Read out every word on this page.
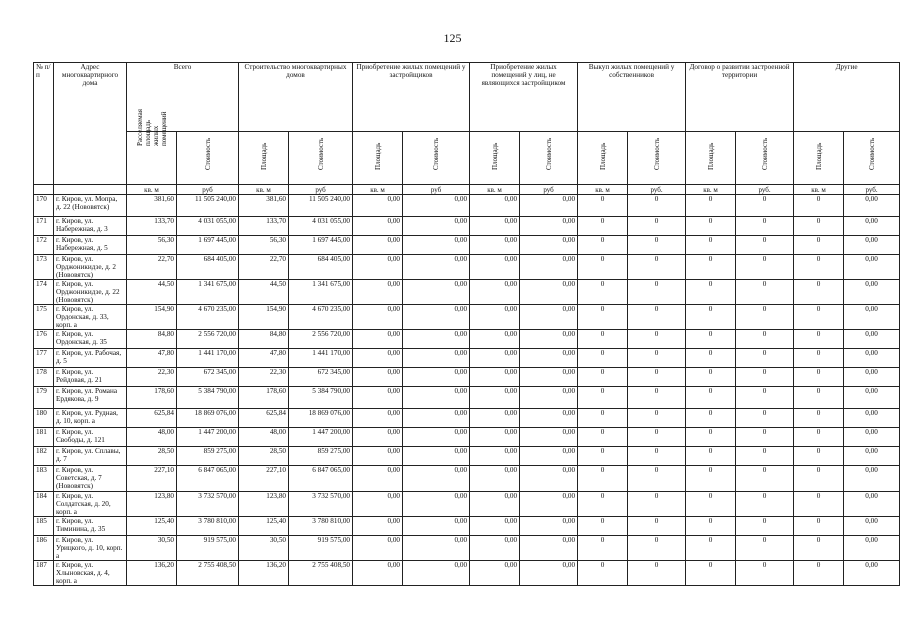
125
№ п/п	Адрес многоквартирного дома	Всего		Строительство многоквартирных домов		Приобретение жилых помещений у застройщиков		Приобретение жилых помещений у лиц, не являющихся застройщиком		Выкуп жилых помещений у собственников		Договор о развитии застроенной территории		Другие	

		Расселяемая площадь жилых помещений	Стоимость	Площадь	Стоимость	Площадь	Стоимость	Площадь	Стоимость	Площадь	Стоимость	Площадь	Стоимость	Площадь	Стоимость

		кв. м	руб	кв. м	руб	кв. м	руб	кв. м	руб	кв. м	руб.	кв. м	руб.	кв. м	руб.
170	г. Киров, ул. Мопра, д. 22 (Нововятск)	381,60	11 505 240,00	381,60	11 505 240,00	0,00	0,00	0,00	0,00	0	0	0	0	0	0,00
171	г. Киров, ул. Набережная, д. 3	133,70	4 031 055,00	133,70	4 031 055,00	0,00	0,00	0,00	0,00	0	0	0	0	0	0,00
172	г. Киров, ул. Набережная, д. 5	56,30	1 697 445,00	56,30	1 697 445,00	0,00	0,00	0,00	0,00	0	0	0	0	0	0,00
173	г. Киров, ул. Орджоникидзе, д. 2 (Нововятск)	22,70	684 405,00	22,70	684 405,00	0,00	0,00	0,00	0,00	0	0	0	0	0	0,00
174	г. Киров, ул. Орджоникидзе, д. 22 (Нововятск)	44,50	1 341 675,00	44,50	1 341 675,00	0,00	0,00	0,00	0,00	0	0	0	0	0	0,00
175	г. Киров, ул. Ордонская, д. 33, корп. а	154,90	4 670 235,00	154,90	4 670 235,00	0,00	0,00	0,00	0,00	0	0	0	0	0	0,00
176	г. Киров, ул. Ордонская, д. 35	84,80	2 556 720,00	84,80	2 556 720,00	0,00	0,00	0,00	0,00	0	0	0	0	0	0,00
177	г. Киров, ул. Рабочая, д. 5	47,80	1 441 170,00	47,80	1 441 170,00	0,00	0,00	0,00	0,00	0	0	0	0	0	0,00
178	г. Киров, ул. Рейдовая, д. 21	22,30	672 345,00	22,30	672 345,00	0,00	0,00	0,00	0,00	0	0	0	0	0	0,00
179	г. Киров, ул. Романа Ердякова, д. 9	178,60	5 384 790,00	178,60	5 384 790,00	0,00	0,00	0,00	0,00	0	0	0	0	0	0,00
180	г. Киров, ул. Рудная, д. 10, корп. а	625,84	18 869 076,00	625,84	18 869 076,00	0,00	0,00	0,00	0,00	0	0	0	0	0	0,00
181	г. Киров, ул. Свободы, д. 121	48,00	1 447 200,00	48,00	1 447 200,00	0,00	0,00	0,00	0,00	0	0	0	0	0	0,00
182	г. Киров, ул. Сплавы, д. 7	28,50	859 275,00	28,50	859 275,00	0,00	0,00	0,00	0,00	0	0	0	0	0	0,00
183	г. Киров, ул. Советская, д. 7 (Нововятск)	227,10	6 847 065,00	227,10	6 847 065,00	0,00	0,00	0,00	0,00	0	0	0	0	0	0,00
184	г. Киров, ул. Солдатская, д. 20, корп. а	123,80	3 732 570,00	123,80	3 732 570,00	0,00	0,00	0,00	0,00	0	0	0	0	0	0,00
185	г. Киров, ул. Тиминина, д. 35	125,40	3 780 810,00	125,40	3 780 810,00	0,00	0,00	0,00	0,00	0	0	0	0	0	0,00
186	г. Киров, ул. Урицкого, д. 10, корп. а	30,50	919 575,00	30,50	919 575,00	0,00	0,00	0,00	0,00	0	0	0	0	0	0,00
187	г. Киров, ул. Хлыновская, д. 4, корп. а	136,20	2 755 408,50	136,20	2 755 408,50	0,00	0,00	0,00	0,00	0	0	0	0	0	0,00
